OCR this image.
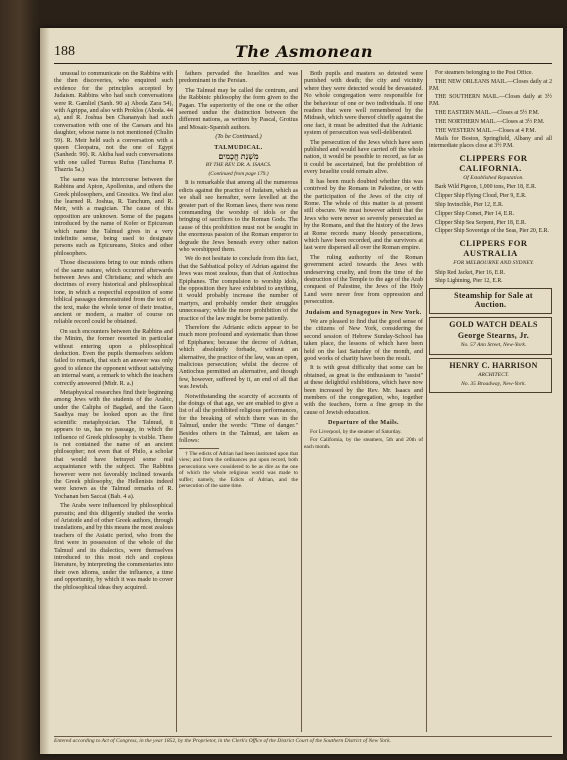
188	The Asmonean

unusual to communicate on the Rabbins with the then discoveries, who enquired such evidence for the principles accepted by Judaism. Rabbins who had such conversations were R. Gamliel (Sanh. 90 a) Aboda Zara 54), with Agrippa, and also with Proklos (Aboda. 44 a), and R. Joshua ben Chananyah had such conversation with one of the Caesars and his daughter, whose name is not mentioned (Chulin 59). R. Meir held such a conversation with a queen Cleopatra, not the one of Egypt (Sanhedr. 90). R. Akiba had such conversations with one called Turnus Rufus (Tanchuma P. Thazria 5a.)

The same was the intercourse between the Rabbins and Apion, Apollonius, and others the Greek philosophers, and Gnostics. We find also the learned R. Joshua, R. Tanchum, and R. Meir, with a magician. The cause of this opposition are unknown. Some of the pagans introduced by the name of Kofer or Epicurean which name the Talmud gives in a very indefinite sense, being used to designate persons such as Epicureans, Stoics and other philosophers.

Those discussions bring to our minds others of the same nature, which occurred afterwards between Jews and Christians; and which are doctrines of every historical and philosophical tone, in which a respectful exposition of some biblical passages demonstrated from the text of the text, make the whole tenor of their treatise, ancient or modern, a matter of course on reliable record could be obtained.

On such encounters between the Rabbins and the Minim, the former resorted in particular without entering upon a philosophical deduction. Even the pupils themselves seldom failed to remark, that such an answer was only good to silence the opponent without satisfying an internal want, a remark to which the teachers correctly answered (Midr. R. a.)

Metaphysical researches find their beginning among Jews with the students of the Arabic, under the Caliphs of Bagdad, and the Gaon Saadiya may be looked upon as the first scientific metaphysician. The Talmud, it appears to us, has no passage, in which the influence of Greek philosophy is visible. There is not contained the name of an ancient philosopher; not even that of Philo, a scholar that would have betrayed some real acquaintance with the subject. The Rabbins however were not favorably inclined towards the Greek philosophy, the Hellenists indeed were known as the Talmud remarks of R. Yochanan ben Saccai (Bab. 4 a).

The Arabs were influenced by philosophical pursuits; and this diligently studied the works of Aristotle and of other Greek authors, through translations, and by this means the most zealous teachers of the Asiatic period, who from the first were in possession of the whole of the Talmud and its dialectics, were themselves introduced to this most rich and copious literature, by interpreting the commentaries into their own idioms, under the influence, a time and opportunity, by which it was made to cover the philosophical ideas they acquired.

fathers pervaded the Israelites and was predominant in the Persian.

The Talmud may be called the centrum, and the Rabbinic philosophy the form given to the Pagan. The superiority of the one or the other seemed undue the distinction between the different nations, as written by Pascal, Grotius and Mosaic-Spanish authors.

(To be Continued.)

TALMUDICAL.

מִשְׁנַת חֲכָמִים

BY THE REV. DR. A. ISAACS.

(Continued from page 179.)

It is remarkable that among all the numerous edicts against the practice of Judaism, which as we shall see hereafter, were levelled at the greater part of the Roman laws, there was none commanding the worship of idols or the bringing of sacrifices to the Roman Gods. The cause of this prohibition must not be sought in the enormous passion of the Roman emperor to degrade the Jews beneath every other nation who worshipped them.

We do not hesitate to conclude from this fact, that the Sabbatical policy of Adrian against the Jews was most zealous, than that of Antiochus Epiphanes. The compulsion to worship idols, the opposition they have exhibited to anything, it would probably increase the number of martyrs, and probably render their struggles unnecessary; while the more prohibition of the practice of the law might be borne patiently.

Therefore the Adrianic edicts appear to be much more profound and systematic than those of Epiphanes; because the decree of Adrian, which absolutely forbade, without an alternative, the practice of the law, was an open, malicious persecution; whilst the decree of Antiochus permitted an alternative, and though few, however, suffered by it, an end of all that was Jewish.

Notwithstanding the scarcity of accounts of the doings of that age, we are enabled to give a list of all the prohibited religious performances, for the breaking of which there was in the Talmud, under the words: "Time of danger." Besides others in the Talmud, are taken as follows:

† The edicts of Adrian had been instituted upon that view; and from the ordinances put upon record, both persecutions were considered to be as dire as the one of which the whole religious world was made to suffer; namely, the Edicts of Adrian, and the persecution of the same time.

Both pupils and masters so detested were punished with death; the city and vicinity where they were detected would be devastated. No whole congregation were responsible for the behaviour of one or two individuals. If one readers that were well remembered by the Midrash, which were thereof chiefly against the one fact, it must be admitted that the Adrianic system of persecution was well-deliberated.

The persecution of the Jews which have seen published and would have carried off the whole nation, it would be possible to record, as far as it could be ascertained, but the prohibition of every Israelite could remain alive.

It has been much doubted whether this was contrived by the Romans in Palestine, or with the participation of the Jews of the city of Rome. The whole of this matter is at present still obscure. We must however admit that the Jews who were never so severely persecuted as by the Romans, and that the history of the Jews at Rome records many bloody persecutions, which have been recorded, and the survivors at last were dispersed all over the Roman empire.

The ruling authority of the Roman government acted towards the Jews with undeserving cruelty, and from the time of the destruction of the Temple to the age of the Arab conquest of Palestine, the Jews of the Holy Land were never free from oppression and persecution.

Judaism and Synagogues in New York.

We are pleased to find that the good sense of the citizens of New York, considering the second session of Hebrew Sunday-School has taken place, the lessons of which have been held on the last Saturday of the month, and good works of charity have been the result.

It is with great difficulty that some can be obtained, as great is the enthusiasm to "assist" at these delightful exhibitions, which have now been increased by the Rev. Mr. Isaacs and members of the congregation, who, together with the teachers, form a fine group in the cause of Jewish education.

Departure of the Mails.

For Liverpool, by the steamer of Saturday.

For California, by the steamers, 5th and 20th of each month.

For steamers belonging to the Post Office.

THE NEW ORLEANS MAIL.—Closes daily at 2 P.M.

THE SOUTHERN MAIL.—Closes daily at 3½ P.M.

THE EASTERN MAIL.—Closes at 5½ P.M.

THE NORTHERN MAIL.—Closes at 3½ P.M.

THE WESTERN MAIL.—Closes at 4 P.M.

Mails for Boston, Springfield, Albany and all intermediate places close at 3½ P.M.

CLIPPERS FOR CALIFORNIA.

Of Established Reputation.

Bark Wild Pigeon, 1,000 tons, Pier 18, E.R.

Clipper Ship Flying Cloud, Pier 9, E.R.

Ship Invincible, Pier 12, E.R.

Clipper Ship Comet, Pier 14, E.R.

Clipper Ship Sea Serpent, Pier 18, E.R.

Clipper Ship Sovereign of the Seas, Pier 20, E.R.

CLIPPERS FOR AUSTRALIA

FOR MELBOURNE AND SYDNEY.

Ship Red Jacket, Pier 16, E.R.

Ship Lightning, Pier 12, E.R.

Steamship for Sale at Auction.

GOLD WATCH DEALS

George Stearns, Jr.

No. 57 Ann Street, New-York.

HENRY C. HARRISON

ARCHITECT.

No. 35 Broadway, New-York.

Entered according to Act of Congress, in the year 1852, by the Proprietor, in the Clerk's Office of the District Court of the Southern District of New York.
